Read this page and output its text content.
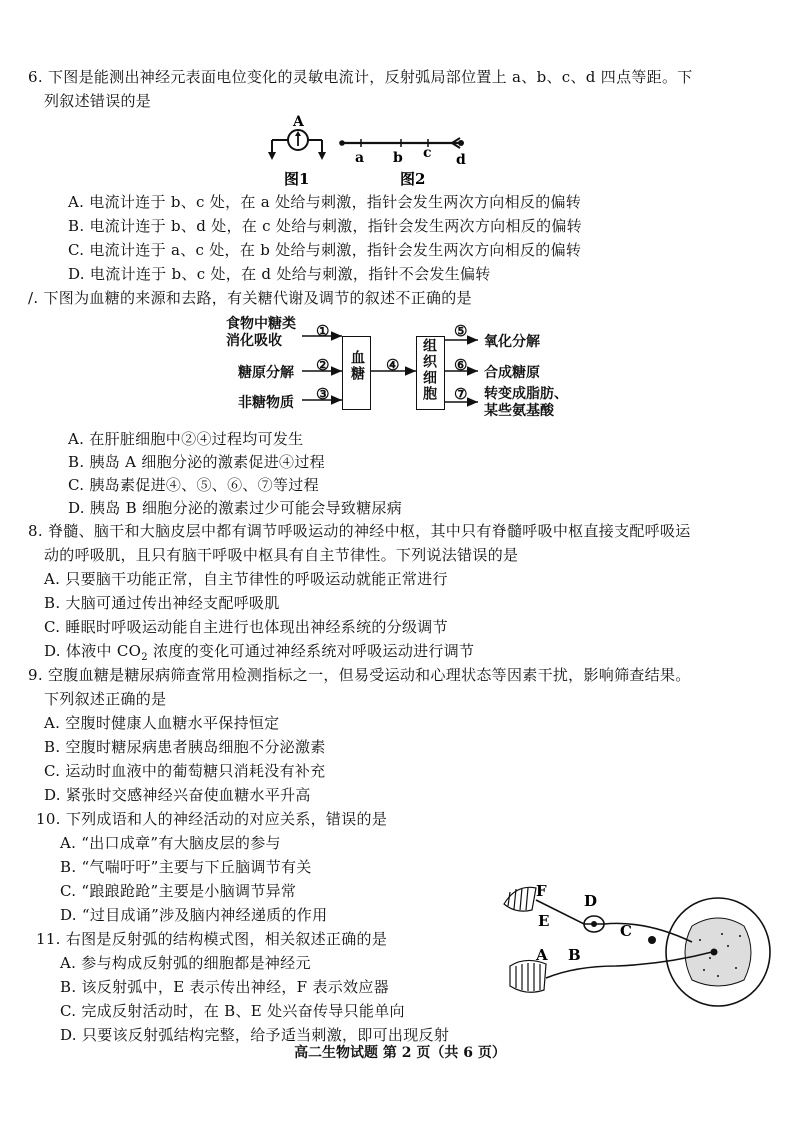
6. 下图是能测出神经元表面电位变化的灵敏电流计，反射弧局部位置上 a、b、c、d 四点等距。下
列叙述错误的是
A
a b c d
图1	图2
A. 电流计连于 b、c 处，在 a 处给与刺激，指针会发生两次方向相反的偏转
B. 电流计连于 b、d 处，在 c 处给与刺激，指针会发生两次方向相反的偏转
C. 电流计连于 a、c 处，在 b 处给与刺激，指针会发生两次方向相反的偏转
D. 电流计连于 b、c 处，在 d 处给与刺激，指针不会发生偏转
/. 下图为血糖的来源和去路，有关糖代谢及调节的叙述不正确的是
食物中糖类
消化吸收
糖原分解
非糖物质
血糖	组织细胞
①
②
③
④
⑤
⑥
⑦
氧化分解
合成糖原
转变成脂肪、
某些氨基酸
A. 在肝脏细胞中②④过程均可发生
B. 胰岛 A 细胞分泌的激素促进④过程
C. 胰岛素促进④、⑤、⑥、⑦等过程
D. 胰岛 B 细胞分泌的激素过少可能会导致糖尿病
8. 脊髓、脑干和大脑皮层中都有调节呼吸运动的神经中枢，其中只有脊髓呼吸中枢直接支配呼吸运
动的呼吸肌，且只有脑干呼吸中枢具有自主节律性。下列说法错误的是
A. 只要脑干功能正常，自主节律性的呼吸运动就能正常进行
B. 大脑可通过传出神经支配呼吸肌
C. 睡眠时呼吸运动能自主进行也体现出神经系统的分级调节
D. 体液中 $CO_2$ 浓度的变化可通过神经系统对呼吸运动进行调节
9. 空腹血糖是糖尿病筛查常用检测指标之一，但易受运动和心理状态等因素干扰，影响筛查结果。
下列叙述正确的是
A. 空腹时健康人血糖水平保持恒定
B. 空腹时糖尿病患者胰岛细胞不分泌激素
C. 运动时血液中的葡萄糖只消耗没有补充
D. 紧张时交感神经兴奋使血糖水平升高
10. 下列成语和人的神经活动的对应关系，错误的是
A. “出口成章”有大脑皮层的参与
B. “气喘吁吁”主要与下丘脑调节有关
C. “踉踉跄跄”主要是小脑调节异常
D. “过目成诵”涉及脑内神经递质的作用
11. 右图是反射弧的结构模式图，相关叙述正确的是
A. 参与构成反射弧的细胞都是神经元
B. 该反射弧中，E 表示传出神经，F 表示效应器
C. 完成反射活动时，在 B、E 处兴奋传导只能单向
D. 只要该反射弧结构完整，给予适当刺激，即可出现反射
F
E
D
C
B
A
高二生物试题 第 2 页（共 6 页）
